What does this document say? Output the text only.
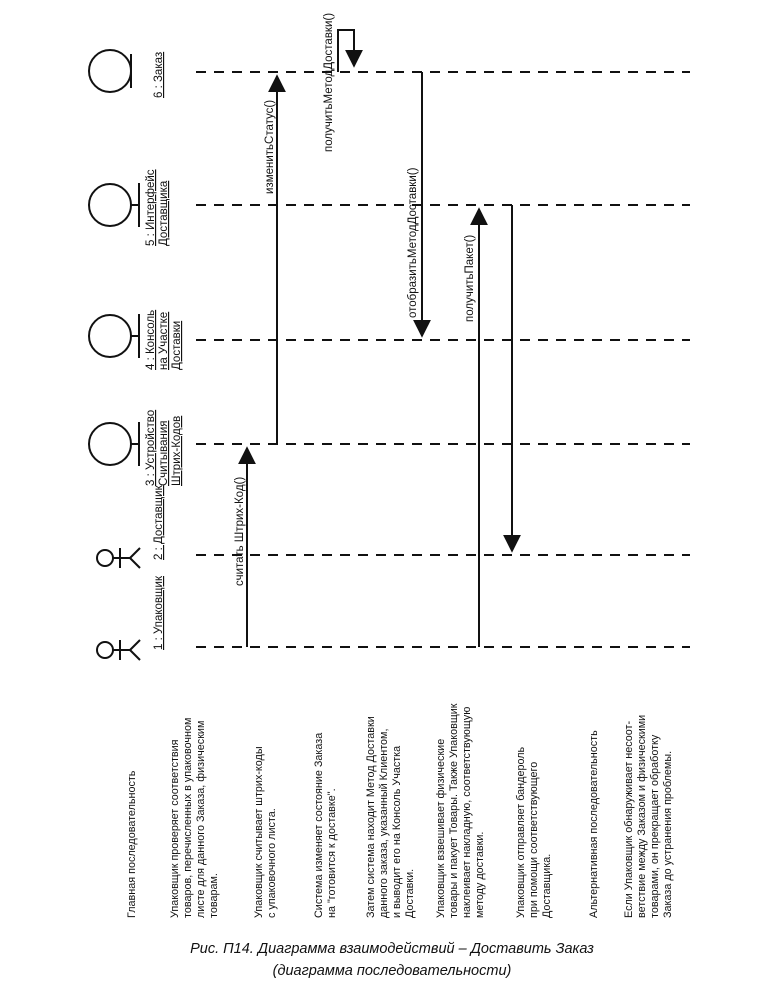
1 : Упаковщик
2 : Доставщик
3 : Устройство Считывания Штрих-Кодов
4 : Консоль на Участке Доставки
5 : Интерфейс Доставщика
6 : Заказ
считать Штрих-Код()
изменитьСтатус()	получитьМетодДоставки()
отобразитьМетодДоставки()	получитьПакет()
Главная последовательность	Упаковщик проверяет соответствия товаров, перечисленных в упаковочном листе для данного Заказа, физическим товарам.	Упаковщик считывает штрих-коды с упаковочного листа.	Система изменяет состояние Заказа на "готовится к доставке".	Затем система находит Метод Доставки данного заказа, указанный Клиентом, и выводит его на Консоль Участка Доставки. Упаковщик взвешивает физические товары и пакует Товары. Также Упаковщик наклеивает накладную, соответствующую методу доставки.	Упаковщик отправляет бандероль при помощи соответствующего Доставщика.	Альтернативная последовательность Если Упаковщик обнаруживает несоот- ветствие между Заказом и физическими товарами, он прекращает обработку Заказа до устранения проблемы.
Рис. П14. Диаграмма взаимодействий – Доставить Заказ
(диаграмма последовательности)
